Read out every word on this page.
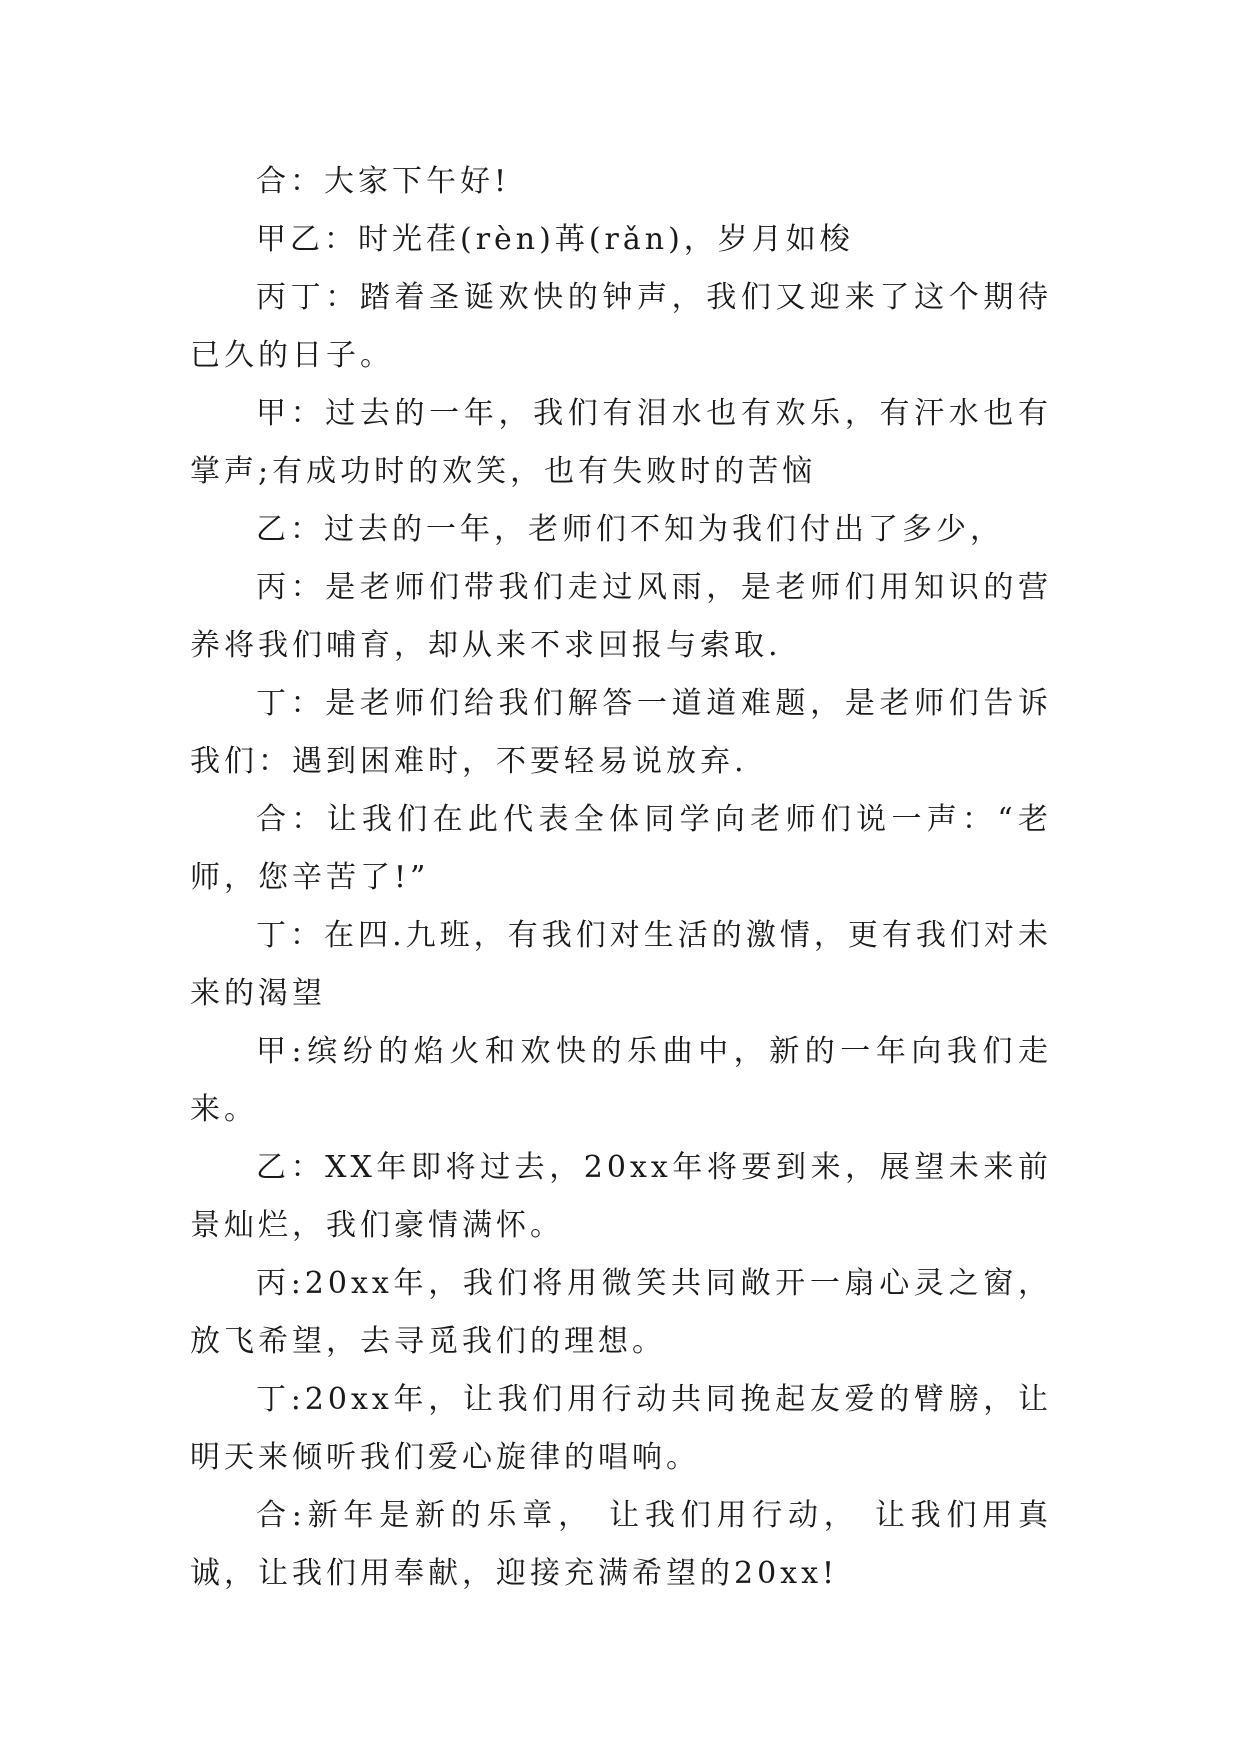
合：大家下午好!

甲乙：时光荏(rèn)苒(rǎn)，岁月如梭

丙丁：踏着圣诞欢快的钟声，我们又迎来了这个期待已久的日子。

甲：过去的一年，我们有泪水也有欢乐，有汗水也有掌声;有成功时的欢笑，也有失败时的苦恼

乙：过去的一年，老师们不知为我们付出了多少，

丙：是老师们带我们走过风雨，是老师们用知识的营养将我们哺育，却从来不求回报与索取.

丁：是老师们给我们解答一道道难题，是老师们告诉我们：遇到困难时，不要轻易说放弃.

合：让我们在此代表全体同学向老师们说一声：“老师，您辛苦了!”

丁：在四.九班，有我们对生活的激情，更有我们对未来的渴望

甲:缤纷的焰火和欢快的乐曲中，新的一年向我们走来。

乙：XX年即将过去，20xx年将要到来，展望未来前景灿烂，我们豪情满怀。

丙:20xx年，我们将用微笑共同敞开一扇心灵之窗，放飞希望，去寻觅我们的理想。

丁:20xx年，让我们用行动共同挽起友爱的臂膀，让明天来倾听我们爱心旋律的唱响。

合:新年是新的乐章， 让我们用行动， 让我们用真诚，让我们用奉献，迎接充满希望的20xx!
